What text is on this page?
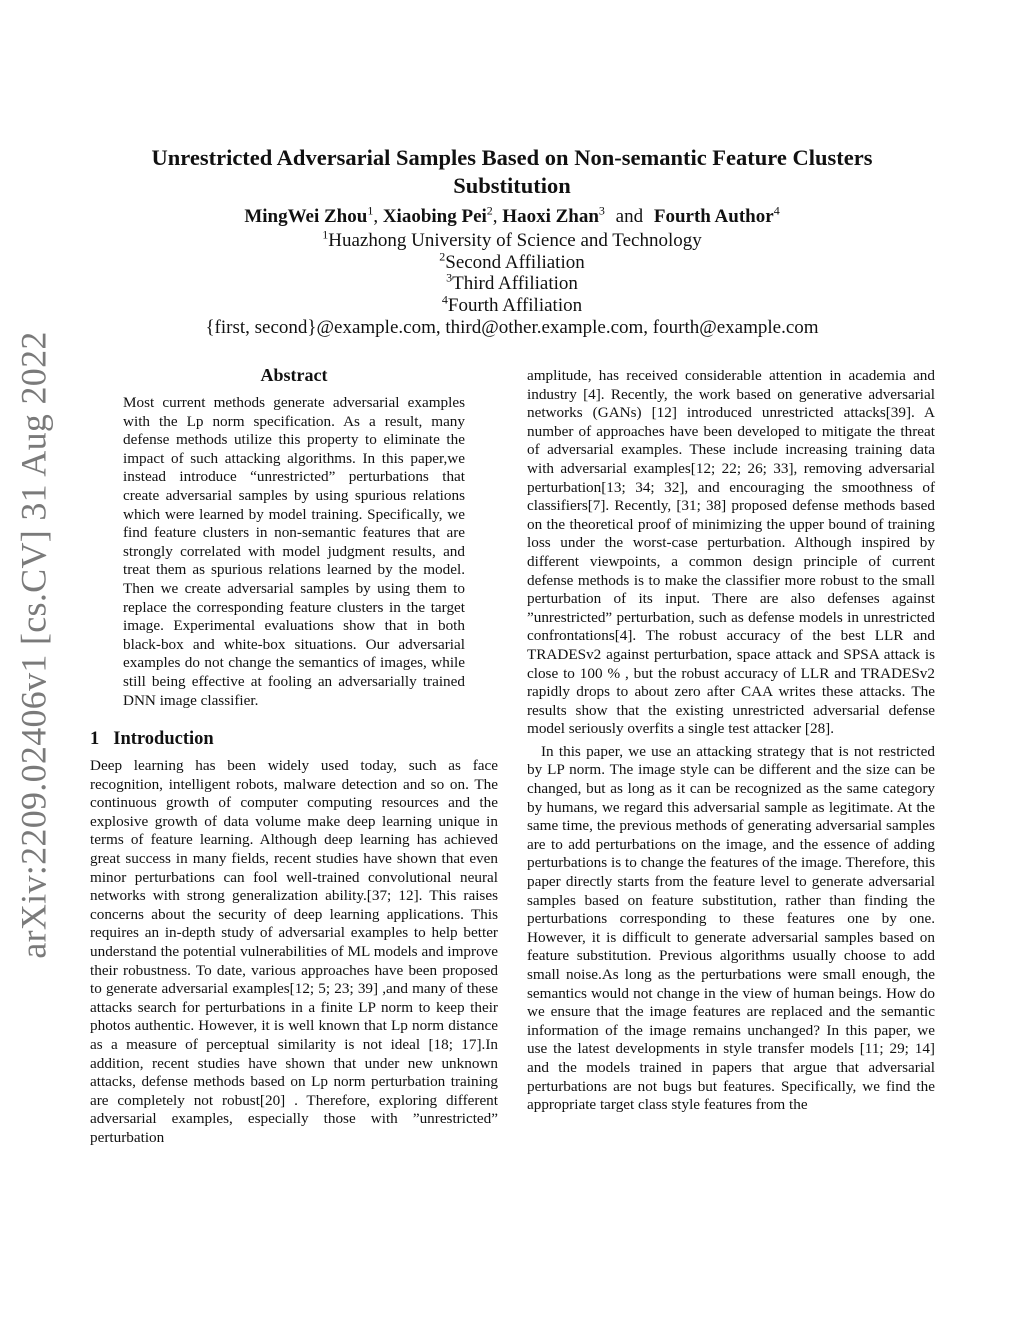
arXiv:2209.02406v1 [cs.CV] 31 Aug 2022
Unrestricted Adversarial Samples Based on Non-semantic Feature Clusters Substitution
MingWei Zhou$^1$, Xiaobing Pei$^2$, Haoxi Zhan$^3$ and Fourth Author$^4$
$^1$Huazhong University of Science and Technology
$^2$Second Affiliation
$^3$Third Affiliation
$^4$Fourth Affiliation
{first, second}@example.com, third@other.example.com, fourth@example.com
Abstract

Most current methods generate adversarial examples with the Lp norm specification. As a result, many defense methods utilize this property to eliminate the impact of such attacking algorithms. In this paper,we instead introduce “unrestricted” perturbations that create adversarial samples by using spurious relations which were learned by model training. Specifically, we find feature clusters in non-semantic features that are strongly correlated with model judgment results, and treat them as spurious relations learned by the model. Then we create adversarial samples by using them to replace the corresponding feature clusters in the target image. Experimental evaluations show that in both black-box and white-box situations. Our adversarial examples do not change the semantics of images, while still being effective at fooling an adversarially trained DNN image classifier.

1 Introduction

Deep learning has been widely used today, such as face recognition, intelligent robots, malware detection and so on. The continuous growth of computer computing resources and the explosive growth of data volume make deep learning unique in terms of feature learning. Although deep learning has achieved great success in many fields, recent studies have shown that even minor perturbations can fool well-trained convolutional neural networks with strong generalization ability.[37; 12]. This raises concerns about the security of deep learning applications. This requires an in-depth study of adversarial examples to help better understand the potential vulnerabilities of ML models and improve their robustness. To date, various approaches have been proposed to generate adversarial examples[12; 5; 23; 39] ,and many of these attacks search for perturbations in a finite LP norm to keep their photos authentic. However, it is well known that Lp norm distance as a measure of perceptual similarity is not ideal [18; 17].In addition, recent studies have shown that under new unknown attacks, defense methods based on Lp norm perturbation training are completely not robust[20] . Therefore, exploring different adversarial examples, especially those with ”unrestricted” perturbation

amplitude, has received considerable attention in academia and industry [4]. Recently, the work based on generative adversarial networks (GANs) [12] introduced unrestricted attacks[39]. A number of approaches have been developed to mitigate the threat of adversarial examples. These include increasing training data with adversarial examples[12; 22; 26; 33], removing adversarial perturbation[13; 34; 32], and encouraging the smoothness of classifiers[7]. Recently, [31; 38] proposed defense methods based on the theoretical proof of minimizing the upper bound of training loss under the worst-case perturbation. Although inspired by different viewpoints, a common design principle of current defense methods is to make the classifier more robust to the small perturbation of its input. There are also defenses against ”unrestricted” perturbation, such as defense models in unrestricted confrontations[4]. The robust accuracy of the best LLR and TRADESv2 against perturbation, space attack and SPSA attack is close to 100 % , but the robust accuracy of LLR and TRADESv2 rapidly drops to about zero after CAA writes these attacks. The results show that the existing unrestricted adversarial defense model seriously overfits a single test attacker [28].

In this paper, we use an attacking strategy that is not restricted by LP norm. The image style can be different and the size can be changed, but as long as it can be recognized as the same category by humans, we regard this adversarial sample as legitimate. At the same time, the previous methods of generating adversarial samples are to add perturbations on the image, and the essence of adding perturbations is to change the features of the image. Therefore, this paper directly starts from the feature level to generate adversarial samples based on feature substitution, rather than finding the perturbations corresponding to these features one by one. However, it is difficult to generate adversarial samples based on feature substitution. Previous algorithms usually choose to add small noise.As long as the perturbations were small enough, the semantics would not change in the view of human beings. How do we ensure that the image features are replaced and the semantic information of the image remains unchanged? In this paper, we use the latest developments in style transfer models [11; 29; 14] and the models trained in papers that argue that adversarial perturbations are not bugs but features. Specifically, we find the appropriate target class style features from the
